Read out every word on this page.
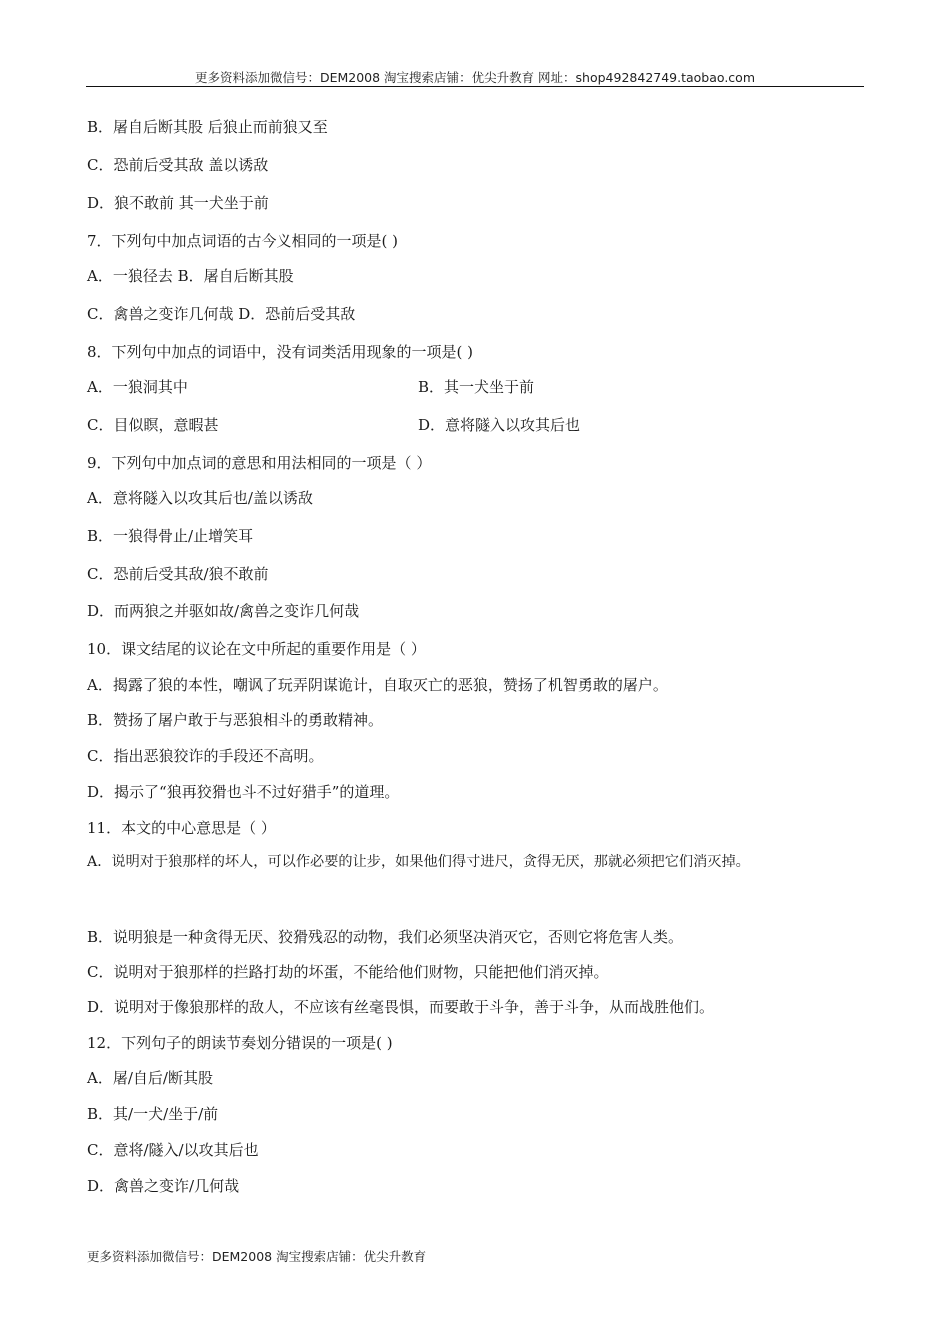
更多资料添加微信号：DEM2008 淘宝搜索店铺：优尖升教育 网址：shop492842749.taobao.com
B．屠自后断其股 后狼止而前狼又至
C．恐前后受其敌 盖以诱敌
D．狼不敢前 其一犬坐于前
7．下列句中加点词语的古今义相同的一项是( )
A．一狼径去 B．屠自后断其股
C．禽兽之变诈几何哉 D．恐前后受其敌
8．下列句中加点的词语中，没有词类活用现象的一项是( )
A．一狼洞其中	B．其一犬坐于前
C．目似瞑，意暇甚	D．意将隧入以攻其后也
9．下列句中加点词的意思和用法相同的一项是（ ）
A．意将隧入以攻其后也/盖以诱敌
B．一狼得骨止/止增笑耳
C．恐前后受其敌/狼不敢前
D．而两狼之并驱如故/禽兽之变诈几何哉
10．课文结尾的议论在文中所起的重要作用是（ ）
A．揭露了狼的本性，嘲讽了玩弄阴谋诡计，自取灭亡的恶狼，赞扬了机智勇敢的屠户。
B．赞扬了屠户敢于与恶狼相斗的勇敢精神。
C．指出恶狼狡诈的手段还不高明。
D．揭示了“狼再狡猾也斗不过好猎手”的道理。
11．本文的中心意思是（ ）
A．说明对于狼那样的坏人，可以作必要的让步，如果他们得寸进尺，贪得无厌，那就必须把它们消灭掉。
B．说明狼是一种贪得无厌、狡猾残忍的动物，我们必须坚决消灭它，否则它将危害人类。
C．说明对于狼那样的拦路打劫的坏蛋，不能给他们财物，只能把他们消灭掉。
D．说明对于像狼那样的敌人，不应该有丝毫畏惧，而要敢于斗争，善于斗争，从而战胜他们。
12．下列句子的朗读节奏划分错误的一项是( )
A．屠/自后/断其股
B．其/一犬/坐于/前
C．意将/隧入/以攻其后也
D．禽兽之变诈/几何哉
更多资料添加微信号：DEM2008 淘宝搜索店铺：优尖升教育
